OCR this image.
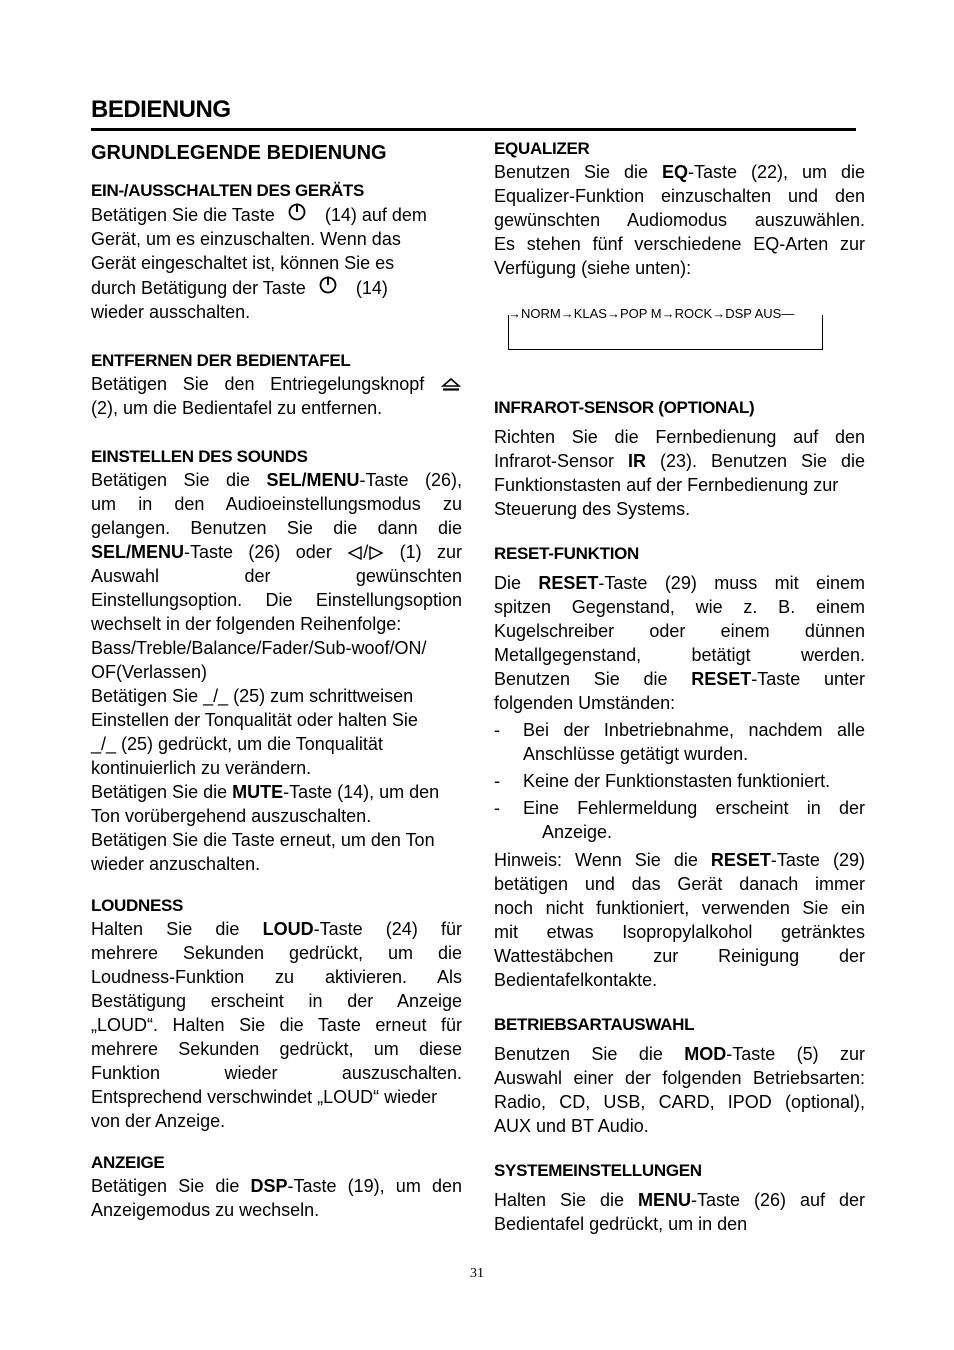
BEDIENUNG
GRUNDLEGENDE BEDIENUNG
EIN-/AUSSCHALTEN DES GERÄTS
Betätigen Sie die Taste	(14) auf dem
Gerät, um es einzuschalten. Wenn das
Gerät eingeschaltet ist, können Sie es
durch Betätigung der Taste	(14)
wieder ausschalten.
ENTFERNEN DER BEDIENTAFEL
Betätigen Sie den Entriegelungsknopf
(2), um die Bedientafel zu entfernen.
EINSTELLEN DES SOUNDS
Betätigen Sie die SEL/MENU-Taste (26),
um in den Audioeinstellungsmodus zu
gelangen. Benutzen Sie die dann die
SEL/MENU-Taste (26) oder / (1) zur
Auswahl der gewünschten
Einstellungsoption. Die Einstellungsoption
wechselt in der folgenden Reihenfolge:
Bass/Treble/Balance/Fader/Sub-woof/ON/
OF(Verlassen)
Betätigen Sie _/_ (25) zum schrittweisen
Einstellen der Tonqualität oder halten Sie
_/_ (25) gedrückt, um die Tonqualität
kontinuierlich zu verändern.
Betätigen Sie die MUTE-Taste (14), um den
Ton vorübergehend auszuschalten.
Betätigen Sie die Taste erneut, um den Ton
wieder anzuschalten.
LOUDNESS
Halten Sie die LOUD-Taste (24) für
mehrere Sekunden gedrückt, um die
Loudness-Funktion zu aktivieren. Als
Bestätigung erscheint in der Anzeige
„LOUD“. Halten Sie die Taste erneut für
mehrere Sekunden gedrückt, um diese
Funktion wieder auszuschalten.
Entsprechend verschwindet „LOUD“ wieder
von der Anzeige.
ANZEIGE
Betätigen Sie die DSP-Taste (19), um den
Anzeigemodus zu wechseln.
EQUALIZER
Benutzen Sie die EQ-Taste (22), um die
Equalizer-Funktion einzuschalten und den
gewünschten Audiomodus auszuwählen.
Es stehen fünf verschiedene EQ-Arten zur
Verfügung (siehe unten):
→NORM→KLAS→POP M→ROCK→DSP AUS—
INFRAROT-SENSOR (OPTIONAL)
Richten Sie die Fernbedienung auf den
Infrarot-Sensor IR (23). Benutzen Sie die
Funktionstasten auf der Fernbedienung zur
Steuerung des Systems.
RESET-FUNKTION
Die RESET-Taste (29) muss mit einem
spitzen Gegenstand, wie z. B. einem
Kugelschreiber oder einem dünnen
Metallgegenstand, betätigt werden.
Benutzen Sie die RESET-Taste unter
folgenden Umständen:
- Bei der Inbetriebnahme, nachdem alle
Anschlüsse getätigt wurden.
- Keine der Funktionstasten funktioniert.
- Eine Fehlermeldung erscheint in der
Anzeige.
Hinweis: Wenn Sie die RESET-Taste (29)
betätigen und das Gerät danach immer
noch nicht funktioniert, verwenden Sie ein
mit etwas Isopropylalkohol getränktes
Wattestäbchen zur Reinigung der
Bedientafelkontakte.
BETRIEBSARTAUSWAHL
Benutzen Sie die MOD-Taste (5) zur
Auswahl einer der folgenden Betriebsarten:
Radio, CD, USB, CARD, IPOD (optional),
AUX und BT Audio.
SYSTEMEINSTELLUNGEN
Halten Sie die MENU-Taste (26) auf der
Bedientafel gedrückt, um in den
31
